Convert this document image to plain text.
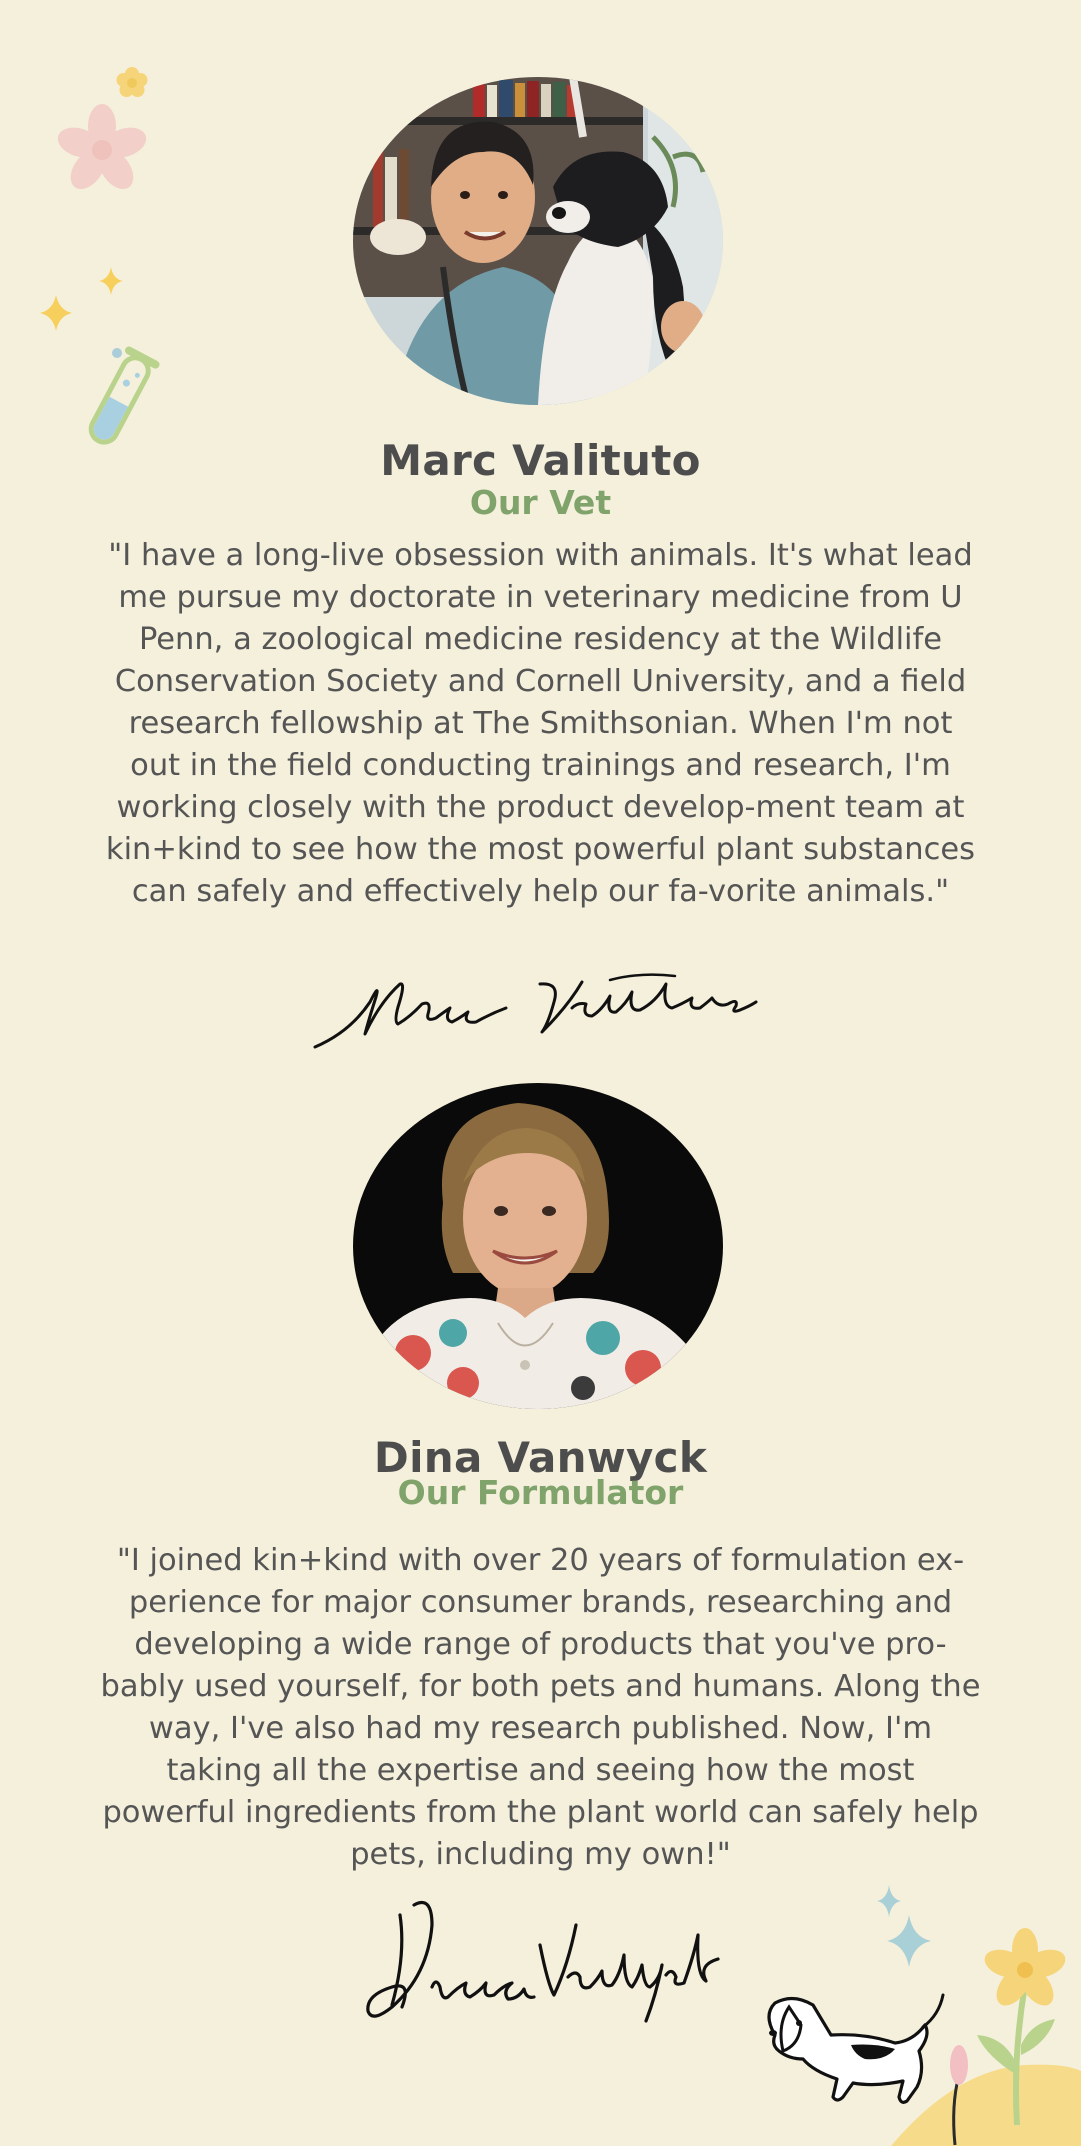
Marc Valituto
Our Vet
"I have a long-live obsession with animals. It's what lead me pursue my doctorate in veterinary medicine from U Penn, a zoological medicine residency at the Wildlife Conservation Society and Cornell University, and a field research fellowship at The Smithsonian. When I'm not out in the field conducting trainings and research, I'm working closely with the product develop-ment team at kin+kind to see how the most powerful plant substances can safely and effectively help our fa-vorite animals."
Dina Vanwyck
Our Formulator
"I joined kin+kind with over 20 years of formulation ex-perience for major consumer brands, researching and developing a wide range of products that you've pro-bably used yourself, for both pets and humans. Along the way, I've also had my research published. Now, I'm taking all the expertise and seeing how the most powerful ingredients from the plant world can safely help pets, including my own!"
